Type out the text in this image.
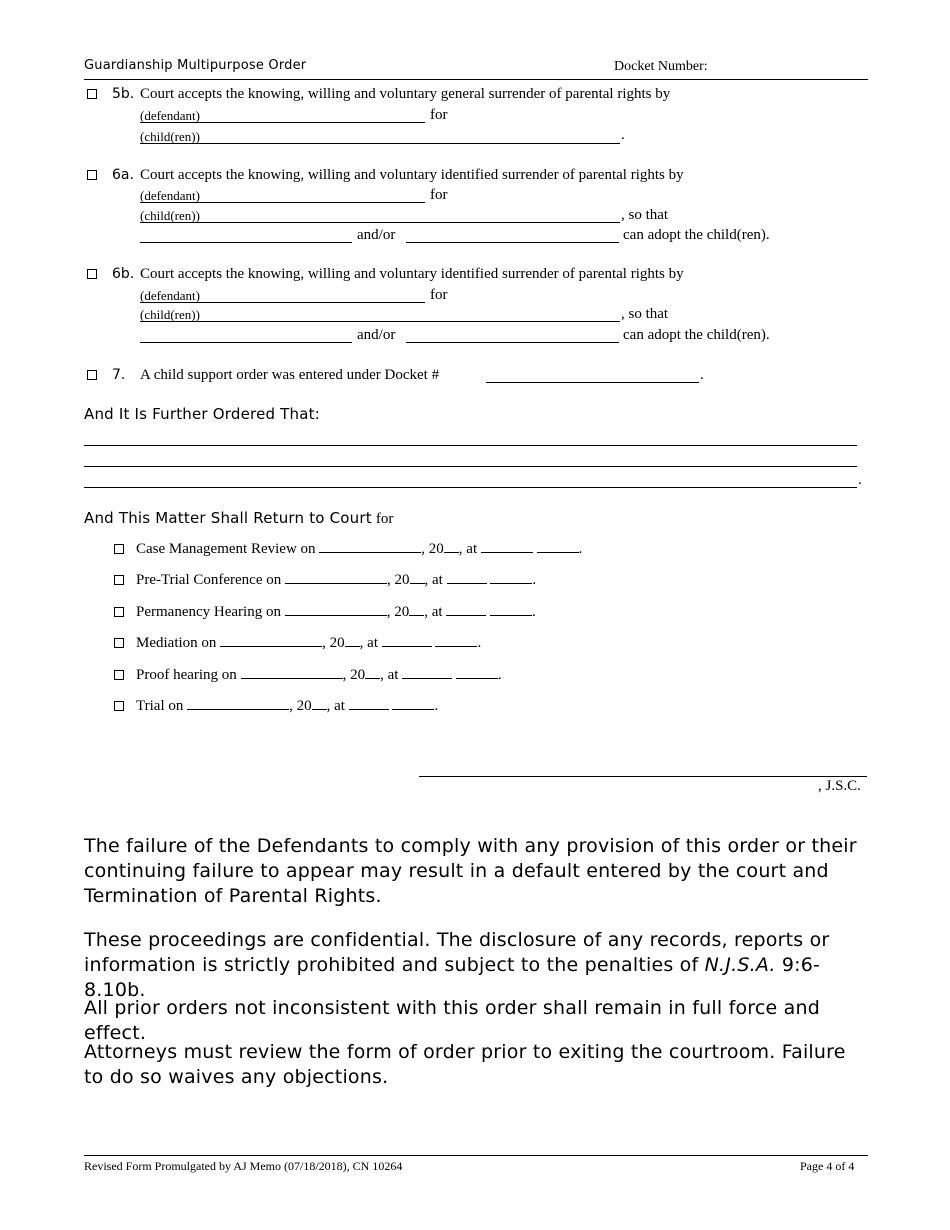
Guardianship Multipurpose Order	Docket Number:
5b. Court accepts the knowing, willing and voluntary general surrender of parental rights by
(defendant)	for
(child(ren))	.
6a. Court accepts the knowing, willing and voluntary identified surrender of parental rights by
(defendant)	for
(child(ren))	, so that
and/or	can adopt the child(ren).
6b. Court accepts the knowing, willing and voluntary identified surrender of parental rights by
(defendant)	for
(child(ren))	, so that
and/or	can adopt the child(ren).
7. A child support order was entered under Docket #	.
And It Is Further Ordered That:
.
And This Matter Shall Return to Court for
Case Management Review on	, 20 , at	.
Pre-Trial Conference on	, 20 , at	.
Permanency Hearing on	, 20 , at	.
Mediation on	, 20 , at	.
Proof hearing on	, 20 , at	.
Trial on	, 20 , at	.
, J.S.C.
The failure of the Defendants to comply with any provision of this order or their continuing failure to appear may result in a default entered by the court and Termination of Parental Rights.
These proceedings are confidential. The disclosure of any records, reports or information is strictly prohibited and subject to the penalties of N.J.S.A. 9:6-8.10b.
All prior orders not inconsistent with this order shall remain in full force and effect.
Attorneys must review the form of order prior to exiting the courtroom. Failure to do so waives any objections.
Revised Form Promulgated by AJ Memo (07/18/2018), CN 10264	Page 4 of 4
